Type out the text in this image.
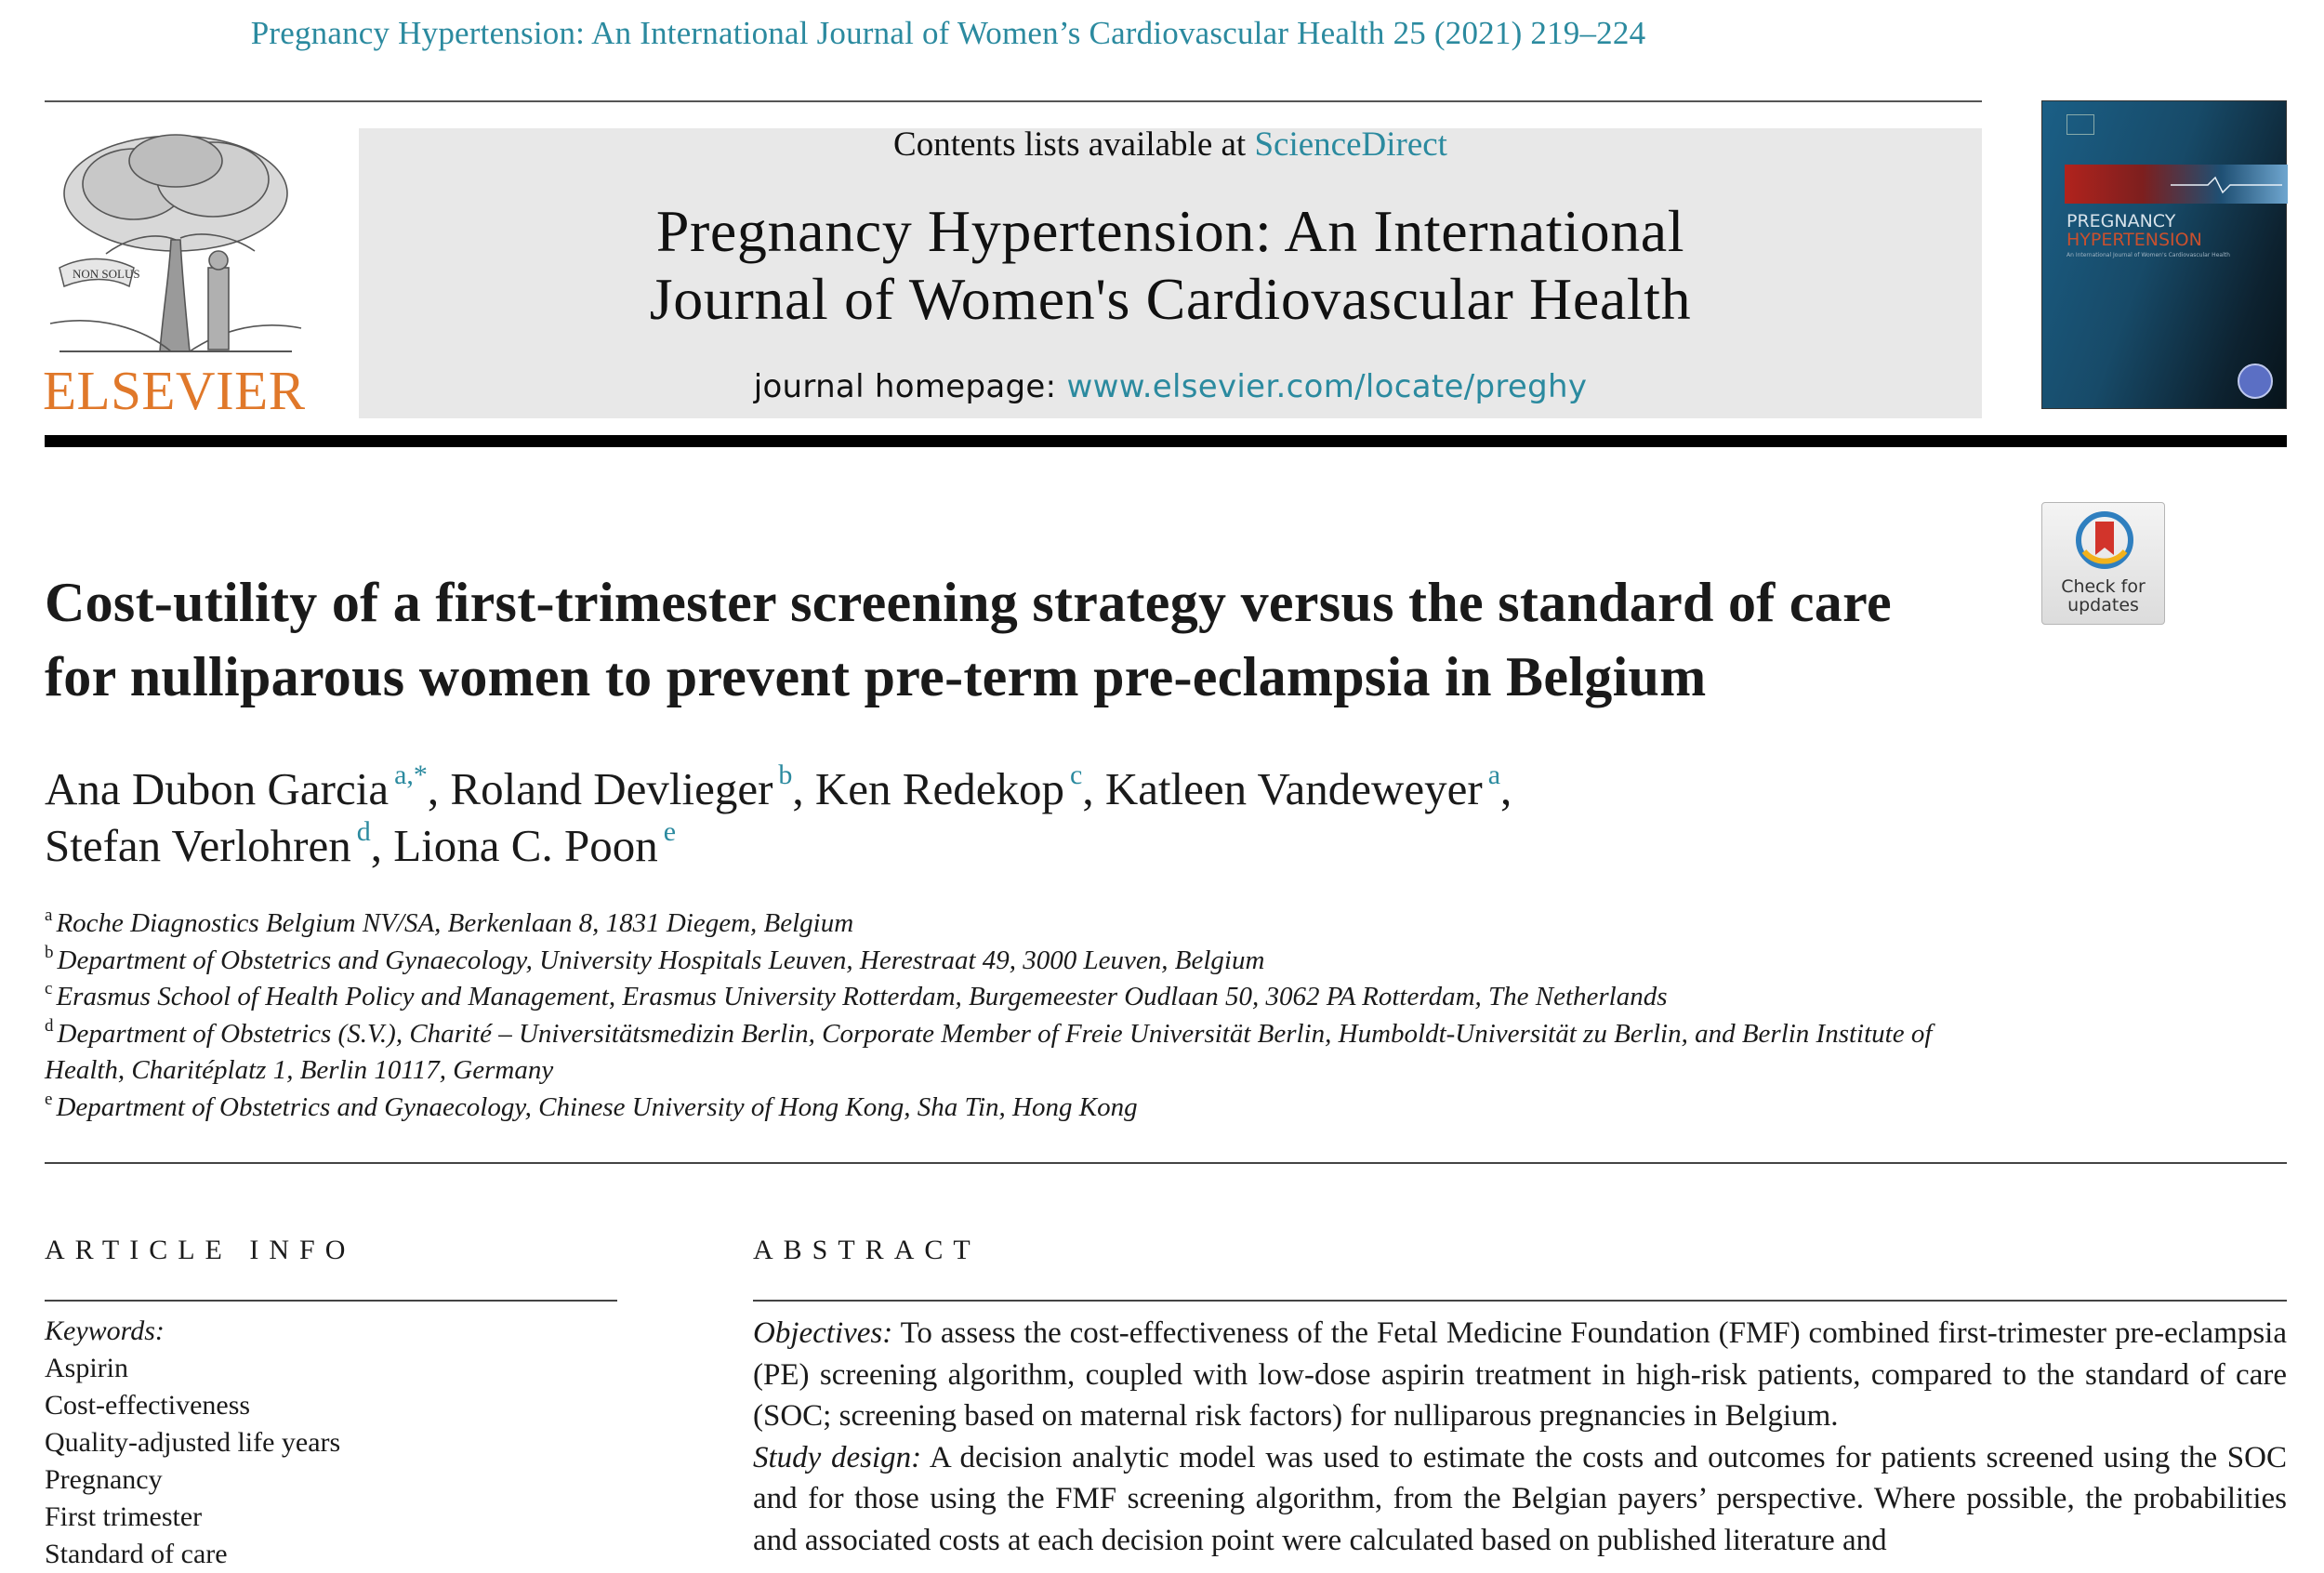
Pregnancy Hypertension: An International Journal of Women’s Cardiovascular Health 25 (2021) 219–224
NON SOLUS
ELSEVIER
Contents lists available at ScienceDirect
Pregnancy Hypertension: An International
Journal of Women's Cardiovascular Health
journal homepage: www.elsevier.com/locate/preghy
PREGNANCY
HYPERTENSION
An International Journal of Women's Cardiovascular Health
Check for updates
Cost-utility of a first-trimester screening strategy versus the standard of care
for nulliparous women to prevent pre-term pre-eclampsia in Belgium
Ana Dubon Garcia $^{a,*}$, Roland Devlieger $^b$, Ken Redekop $^c$, Katleen Vandeweyer $^a$,
Stefan Verlohren $^d$, Liona C. Poon $^e$
$^a$ Roche Diagnostics Belgium NV/SA, Berkenlaan 8, 1831 Diegem, Belgium
$^b$ Department of Obstetrics and Gynaecology, University Hospitals Leuven, Herestraat 49, 3000 Leuven, Belgium
$^c$ Erasmus School of Health Policy and Management, Erasmus University Rotterdam, Burgemeester Oudlaan 50, 3062 PA Rotterdam, The Netherlands
$^d$ Department of Obstetrics (S.V.), Charité – Universitätsmedizin Berlin, Corporate Member of Freie Universität Berlin, Humboldt-Universität zu Berlin, and Berlin Institute of Health, Charitéplatz 1, Berlin 10117, Germany
$^e$ Department of Obstetrics and Gynaecology, Chinese University of Hong Kong, Sha Tin, Hong Kong
ARTICLE INFO
Keywords:
Aspirin
Cost-effectiveness
Quality-adjusted life years
Pregnancy
First trimester
Standard of care
ABSTRACT

Objectives: To assess the cost-effectiveness of the Fetal Medicine Foundation (FMF) combined first-trimester pre-eclampsia (PE) screening algorithm, coupled with low-dose aspirin treatment in high-risk patients, compared to the standard of care (SOC; screening based on maternal risk factors) for nulliparous pregnancies in Belgium.

Study design: A decision analytic model was used to estimate the costs and outcomes for patients screened using the SOC and for those using the FMF screening algorithm, from the Belgian payers’ perspective. Where possible, the probabilities and associated costs at each decision point were calculated based on published literature and
